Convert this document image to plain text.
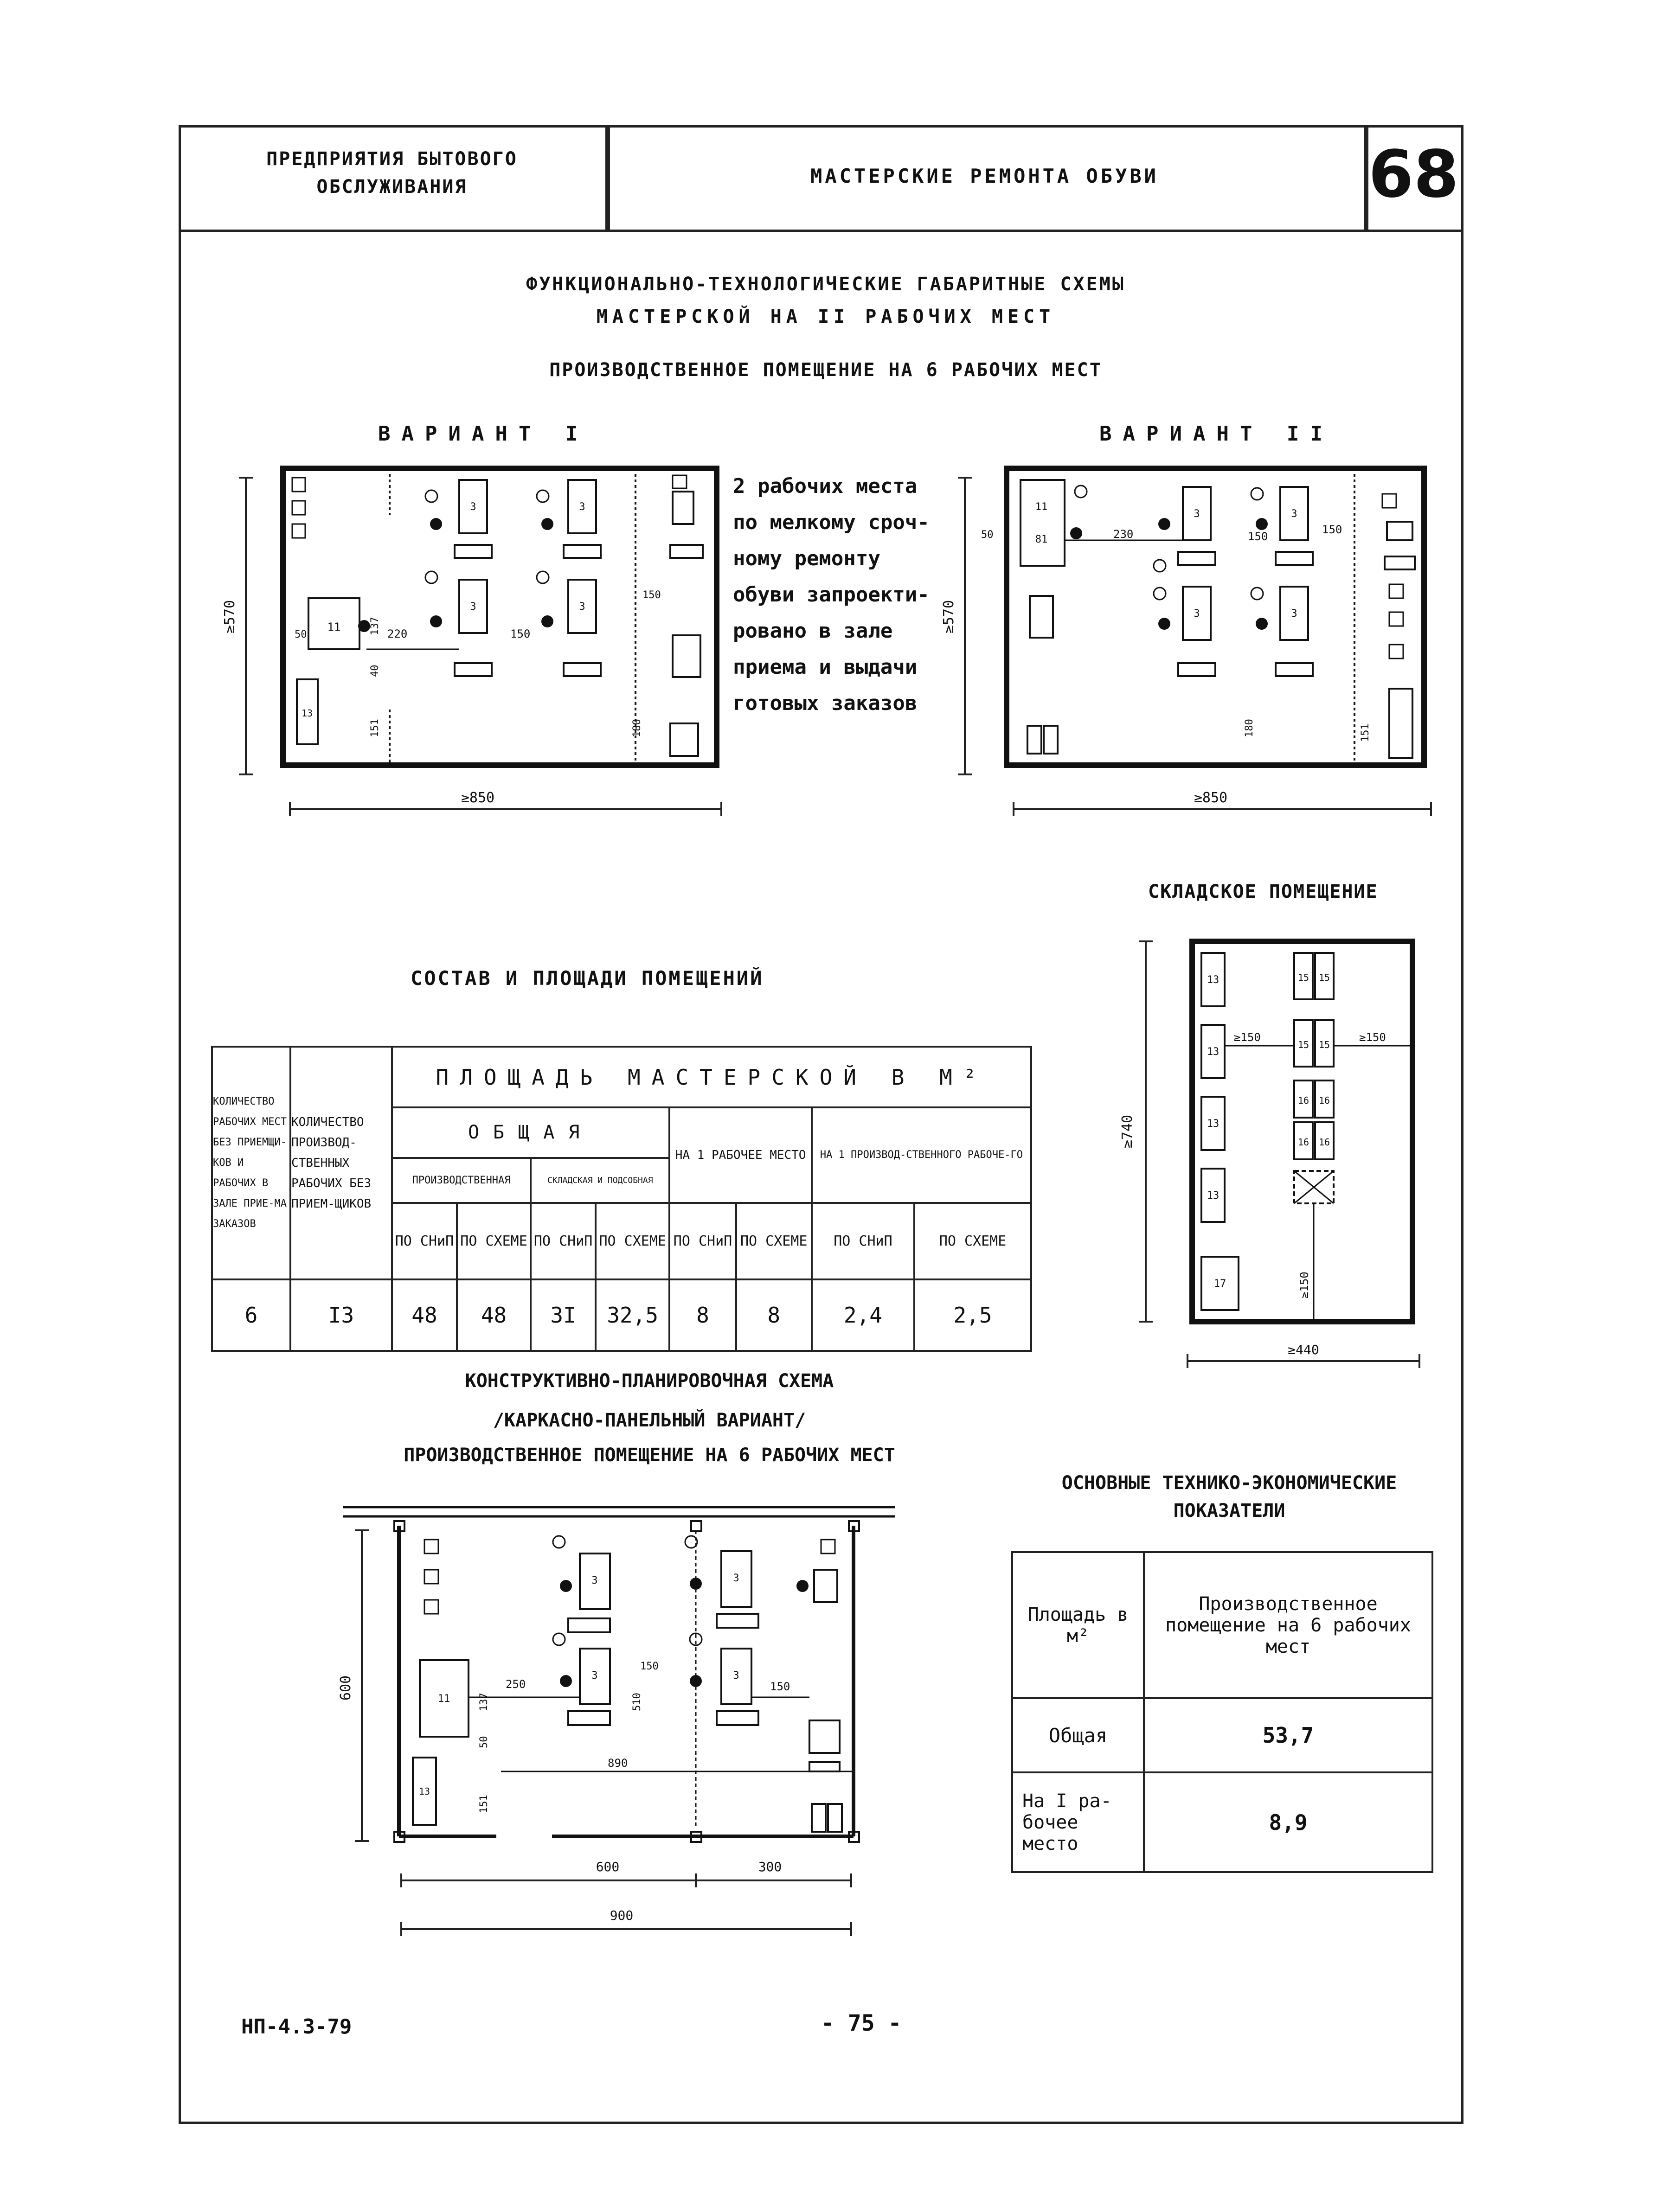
ПРЕДПРИЯТИЯ БЫТОВОГО
ОБСЛУЖИВАНИЯ	МАСТЕРСКИЕ РЕМОНТА ОБУВИ	68
ФУНКЦИОНАЛЬНО-ТЕХНОЛОГИЧЕСКИЕ ГАБАРИТНЫЕ СХЕМЫ
МАСТЕРСКОЙ НА II РАБОЧИХ МЕСТ
ПРОИЗВОДСТВЕННОЕ ПОМЕЩЕНИЕ НА 6 РАБОЧИХ МЕСТ
ВАРИАНТ I	ВАРИАНТ II
≥570	11
13
3	3
3	3
220	150
50
40
151	180
150
137
≥850
2 рабочих места
по мелкому сроч-
ному ремонту
обуви запроекти-
ровано в зале
приема и выдачи
готовых заказов
≥570
11
81
3	3
3	3
230	150
150
50
180	151
≥850
СКЛАДСКОЕ ПОМЕЩЕНИЕ
≥740
13
13
13
13
17
15 15
15 15
16 16
16 16
≥150	≥150
≥150
≥440
СОСТАВ И ПЛОЩАДИ ПОМЕЩЕНИЙ
КОЛИЧЕСТВО РАБОЧИХ МЕСТ БЕЗ ПРИЕМЩИ-КОВ И РАБОЧИХ В ЗАЛЕ ПРИЕ-МА ЗАКАЗОВ	КОЛИЧЕСТВО ПРОИЗВОД-СТВЕННЫХ РАБОЧИХ БЕЗ ПРИЕМ-ЩИКОВ	ПЛОЩАДЬ МАСТЕРСКОЙ В М²							
		ОБЩАЯ				НА 1 РАБОЧЕЕ МЕСТО		НА 1 ПРОИЗВОД-СТВЕННОГО РАБОЧЕ-ГО	
		ПРОИЗВОДСТВЕННАЯ		СКЛАДСКАЯ И ПОДСОБНАЯ					
		ПО СНиП	ПО СХЕМЕ	ПО СНиП	ПО СХЕМЕ	ПО СНиП	ПО СХЕМЕ	ПО СНиП	ПО СХЕМЕ
6	I3	48	48	3I	32,5	8	8	2,4	2,5
КОНСТРУКТИВНО-ПЛАНИРОВОЧНАЯ СХЕМА
/КАРКАСНО-ПАНЕЛЬНЫЙ ВАРИАНТ/
ПРОИЗВОДСТВЕННОЕ ПОМЕЩЕНИЕ НА 6 РАБОЧИХ МЕСТ
600	11
13
3
3
3
3
250
150
150
890
137
50
151
510
600	300
900
ОСНОВНЫЕ ТЕХНИКО-ЭКОНОМИЧЕСКИЕ
ПОКАЗАТЕЛИ
Площадь в м²	Производственное помещение на 6 рабочих мест
Общая	53,7
На I ра-бочее место	8,9
НП-4.3-79	- 75 -
